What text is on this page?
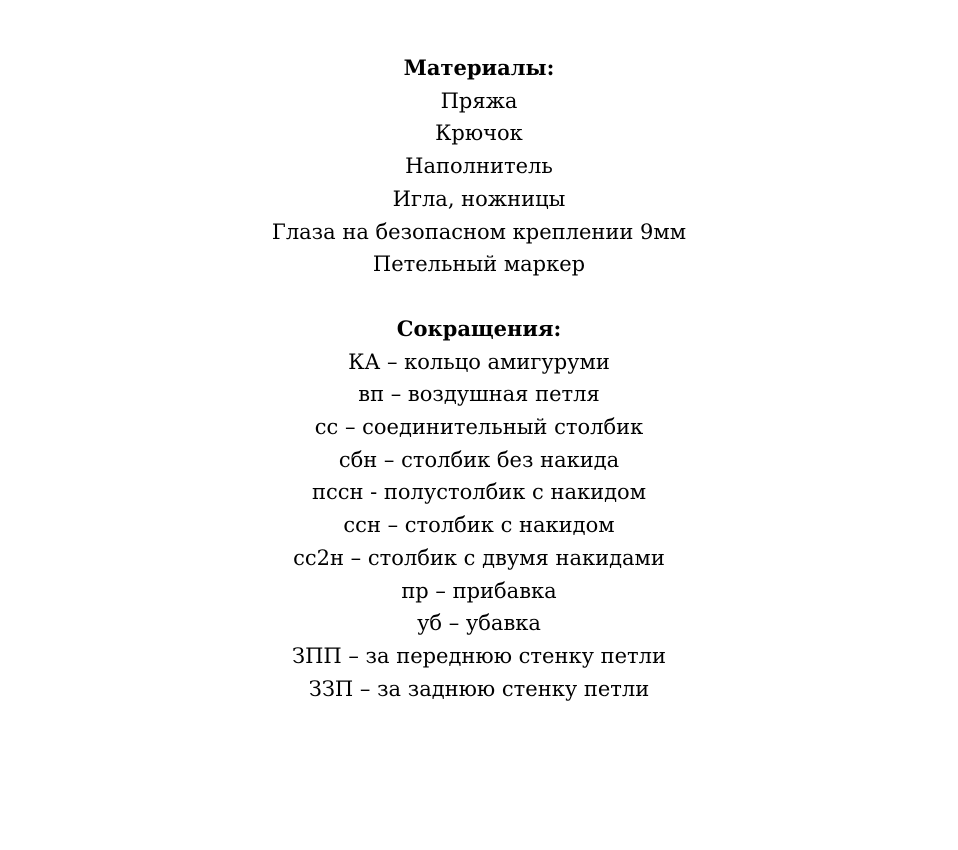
Материалы:
Пряжа
Крючок
Наполнитель
Игла, ножницы
Глаза на безопасном креплении 9мм
Петельный маркер
Сокращения:
КА – кольцо амигуруми
вп – воздушная петля
сс – соединительный столбик
сбн – столбик без накида
пссн - полустолбик с накидом
ссн – столбик с накидом
сс2н – столбик с двумя накидами
пр – прибавка
уб – убавка
ЗПП – за переднюю стенку петли
ЗЗП – за заднюю стенку петли
